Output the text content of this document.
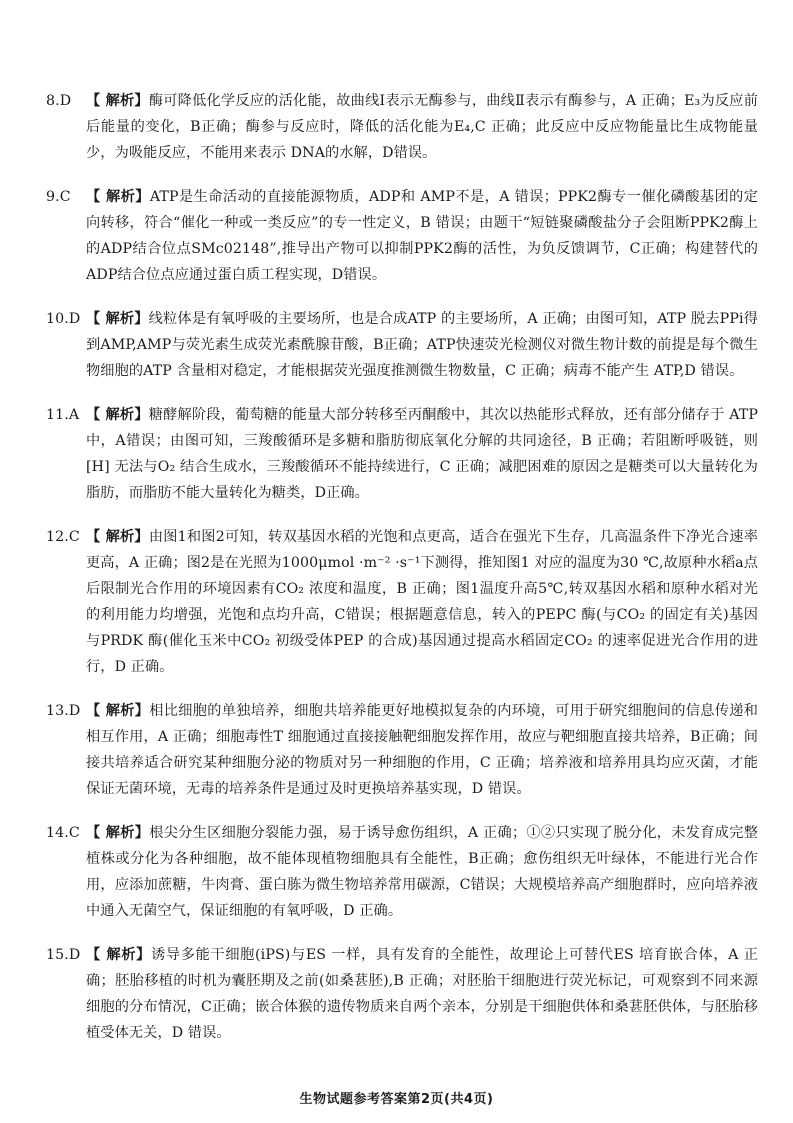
8.D	【 解析】酶可降低化学反应的活化能，故曲线Ⅰ表示无酶参与，曲线Ⅱ表示有酶参与，A 正确；E₃为反应前后能量的变化，B正确；酶参与反应时，降低的活化能为E₄,C 正确；此反应中反应物能量比生成物能量少，为吸能反应，不能用来表示 DNA的水解，D错误。
9.C	【 解析】ATP是生命活动的直接能源物质，ADP和 AMP不是，A 错误；PPK2酶专一催化磷酸基团的定向转移，符合“催化一种或一类反应”的专一性定义，B 错误；由题干“短链聚磷酸盐分子会阻断PPK2酶上的ADP结合位点SMc02148”,推导出产物可以抑制PPK2酶的活性，为负反馈调节，C正确；构建替代的ADP结合位点应通过蛋白质工程实现，D错误。
10.D 【 解析】线粒体是有氧呼吸的主要场所，也是合成ATP 的主要场所，A 正确；由图可知，ATP 脱去PPi得到AMP,AMP与荧光素生成荧光素酰腺苷酸，B正确；ATP快速荧光检测仪对微生物计数的前提是每个微生物细胞的ATP 含量相对稳定，才能根据荧光强度推测微生物数量，C 正确；病毒不能产生 ATP,D 错误。
11.A 【 解析】糖酵解阶段，葡萄糖的能量大部分转移至丙酮酸中，其次以热能形式释放，还有部分储存于 ATP中，A错误；由图可知，三羧酸循环是多糖和脂肪彻底氧化分解的共同途径，B 正确；若阻断呼吸链，则[H] 无法与O₂ 结合生成水，三羧酸循环不能持续进行，C 正确；减肥困难的原因之是糖类可以大量转化为脂肪，而脂肪不能大量转化为糖类，D正确。
12.C 【 解析】由图1和图2可知，转双基因水稻的光饱和点更高，适合在强光下生存，几高温条件下净光合速率更高，A 正确；图2是在光照为1000μmol ·m⁻² ·s⁻¹下测得，推知图1 对应的温度为30 ℃,故原种水稻a点后限制光合作用的环境因素有CO₂ 浓度和温度，B 正确；图1温度升高5℃,转双基因水稻和原种水稻对光的利用能力均增强，光饱和点均升高，C错误；根据题意信息，转入的PEPC 酶(与CO₂ 的固定有关)基因与PRDK 酶(催化玉米中CO₂ 初级受体PEP 的合成)基因通过提高水稻固定CO₂ 的速率促进光合作用的进行，D 正确。
13.D 【 解析】相比细胞的单独培养，细胞共培养能更好地模拟复杂的内环境，可用于研究细胞间的信息传递和相互作用，A 正确；细胞毒性T 细胞通过直接接触靶细胞发挥作用，故应与靶细胞直接共培养，B正确；间接共培养适合研究某种细胞分泌的物质对另一种细胞的作用，C 正确；培养液和培养用具均应灭菌，才能保证无菌环境，无毒的培养条件是通过及时更换培养基实现，D 错误。
14.C 【 解析】根尖分生区细胞分裂能力强，易于诱导愈伤组织，A 正确；①②只实现了脱分化，未发育成完整植株或分化为各种细胞，故不能体现植物细胞具有全能性，B正确；愈伤组织无叶绿体，不能进行光合作用，应添加蔗糖，牛肉膏、蛋白胨为微生物培养常用碳源，C错误；大规模培养高产细胞群时，应向培养液中通入无菌空气，保证细胞的有氧呼吸，D 正确。
15.D 【 解析】诱导多能干细胞(iPS)与ES 一样，具有发育的全能性，故理论上可替代ES 培育嵌合体，A 正确；胚胎移植的时机为囊胚期及之前(如桑葚胚),B 正确；对胚胎干细胞进行荧光标记，可观察到不同来源细胞的分布情况，C正确；嵌合体猴的遗传物质来自两个亲本，分别是干细胞供体和桑葚胚供体，与胚胎移植受体无关，D 错误。
生物试题参考答案第2页(共4页)
